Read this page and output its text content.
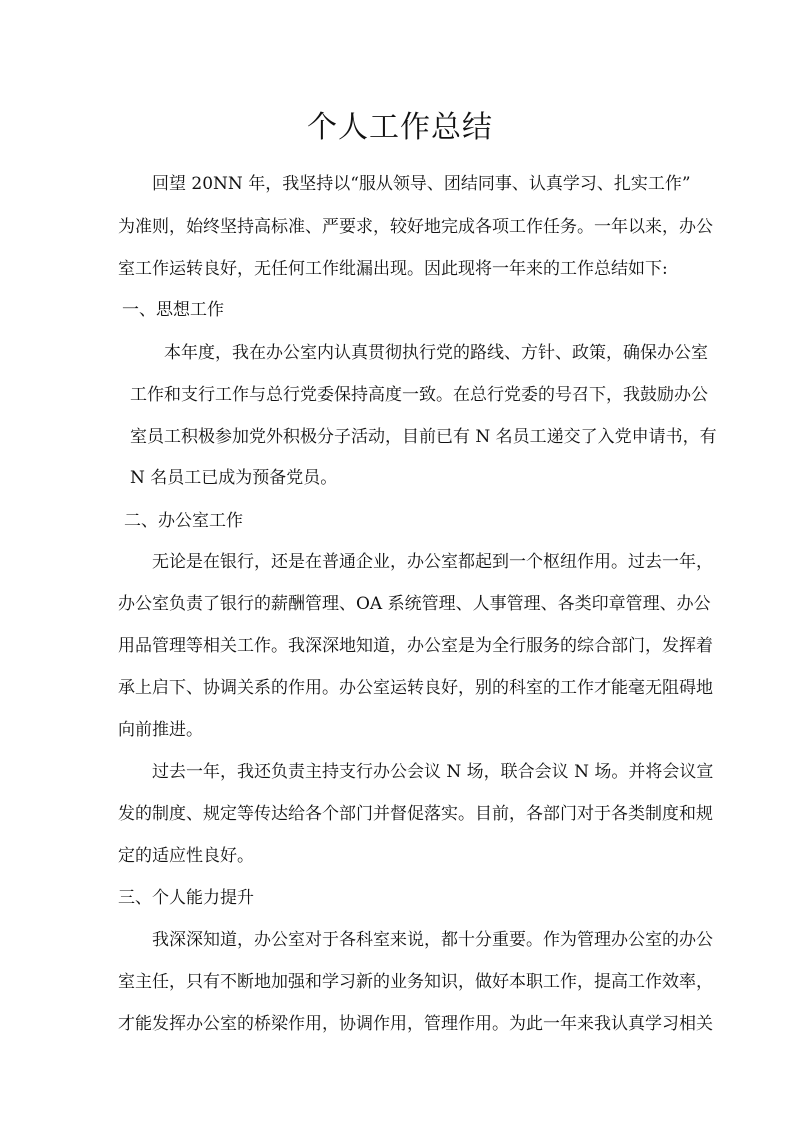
个人工作总结

回望 20NN 年，我坚持以“服从领导、团结同事、认真学习、扎实工作”

为准则，始终坚持高标准、严要求，较好地完成各项工作任务。一年以来，办公

室工作运转良好，无任何工作纰漏出现。因此现将一年来的工作总结如下:

一、思想工作

本年度，我在办公室内认真贯彻执行党的路线、方针、政策，确保办公室

工作和支行工作与总行党委保持高度一致。在总行党委的号召下，我鼓励办公

室员工积极参加党外积极分子活动，目前已有 N 名员工递交了入党申请书，有

N 名员工已成为预备党员。

二、办公室工作

无论是在银行，还是在普通企业，办公室都起到一个枢纽作用。过去一年，

办公室负责了银行的薪酬管理、OA 系统管理、人事管理、各类印章管理、办公

用品管理等相关工作。我深深地知道，办公室是为全行服务的综合部门，发挥着

承上启下、协调关系的作用。办公室运转良好，别的科室的工作才能毫无阻碍地

向前推进。

过去一年，我还负责主持支行办公会议 N 场，联合会议 N 场。并将会议宣

发的制度、规定等传达给各个部门并督促落实。目前，各部门对于各类制度和规

定的适应性良好。

三、个人能力提升

我深深知道，办公室对于各科室来说，都十分重要。作为管理办公室的办公

室主任，只有不断地加强和学习新的业务知识，做好本职工作，提高工作效率，

才能发挥办公室的桥梁作用，协调作用，管理作用。为此一年来我认真学习相关
